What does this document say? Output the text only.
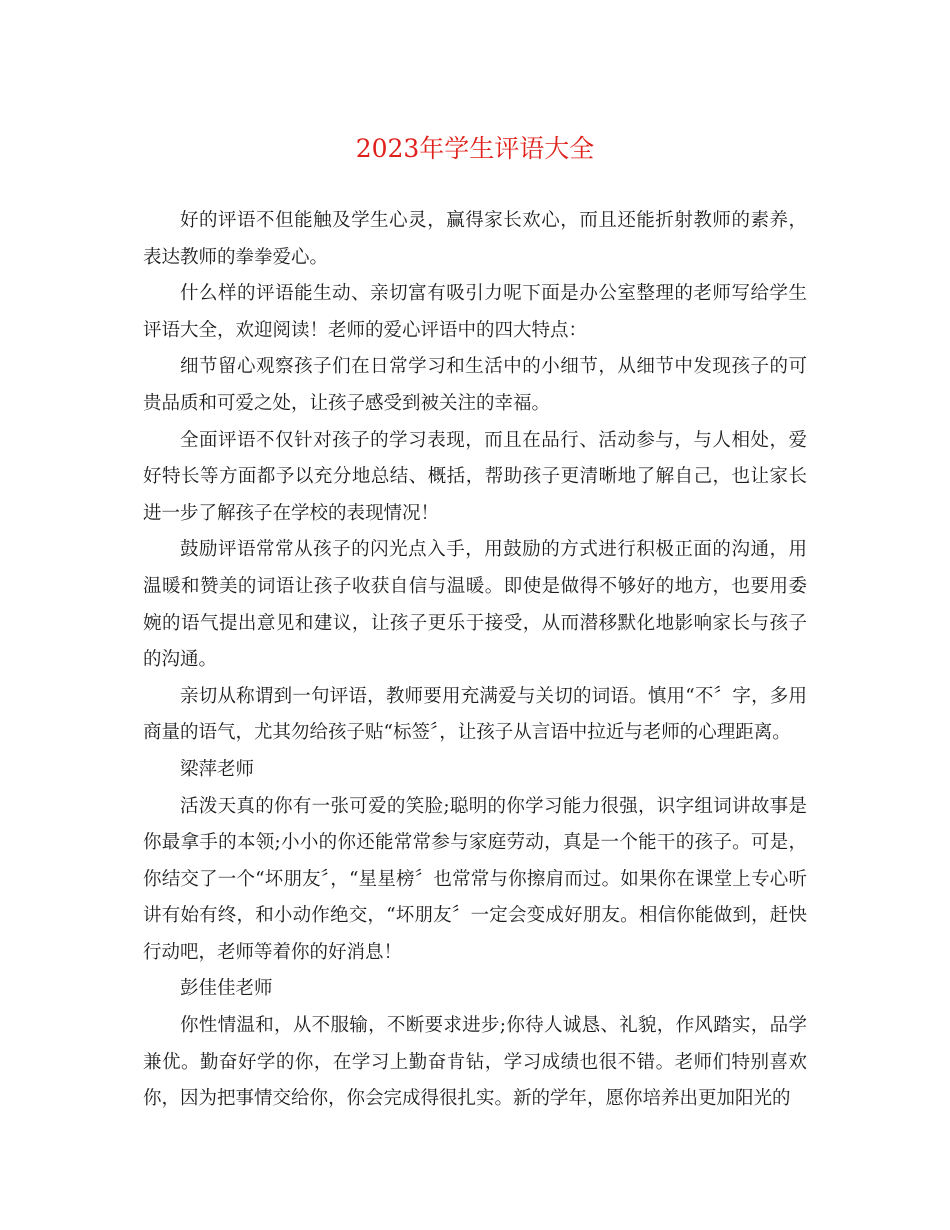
2023年学生评语大全

好的评语不但能触及学生心灵，赢得家长欢心，而且还能折射教师的素养，表达教师的拳拳爱心。

什么样的评语能生动、亲切富有吸引力呢下面是办公室整理的老师写给学生评语大全，欢迎阅读！老师的爱心评语中的四大特点：

细节留心观察孩子们在日常学习和生活中的小细节，从细节中发现孩子的可贵品质和可爱之处，让孩子感受到被关注的幸福。

全面评语不仅针对孩子的学习表现，而且在品行、活动参与，与人相处，爱好特长等方面都予以充分地总结、概括，帮助孩子更清晰地了解自己，也让家长进一步了解孩子在学校的表现情况！

鼓励评语常常从孩子的闪光点入手，用鼓励的方式进行积极正面的沟通，用温暖和赞美的词语让孩子收获自信与温暖。即使是做得不够好的地方，也要用委婉的语气提出意见和建议，让孩子更乐于接受，从而潜移默化地影响家长与孩子的沟通。

亲切从称谓到一句评语，教师要用充满爱与关切的词语。慎用“不〞字，多用商量的语气，尤其勿给孩子贴“标签〞，让孩子从言语中拉近与老师的心理距离。

梁萍老师

活泼天真的你有一张可爱的笑脸;聪明的你学习能力很强，识字组词讲故事是你最拿手的本领;小小的你还能常常参与家庭劳动，真是一个能干的孩子。可是，你结交了一个“坏朋友〞，“星星榜〞也常常与你擦肩而过。如果你在课堂上专心听讲有始有终，和小动作绝交，“坏朋友〞一定会变成好朋友。相信你能做到，赶快行动吧，老师等着你的好消息！

彭佳佳老师

你性情温和，从不服输，不断要求进步;你待人诚恳、礼貌，作风踏实，品学兼优。勤奋好学的你，在学习上勤奋肯钻，学习成绩也很不错。老师们特别喜欢你，因为把事情交给你，你会完成得很扎实。新的学年，愿你培养出更加阳光的
